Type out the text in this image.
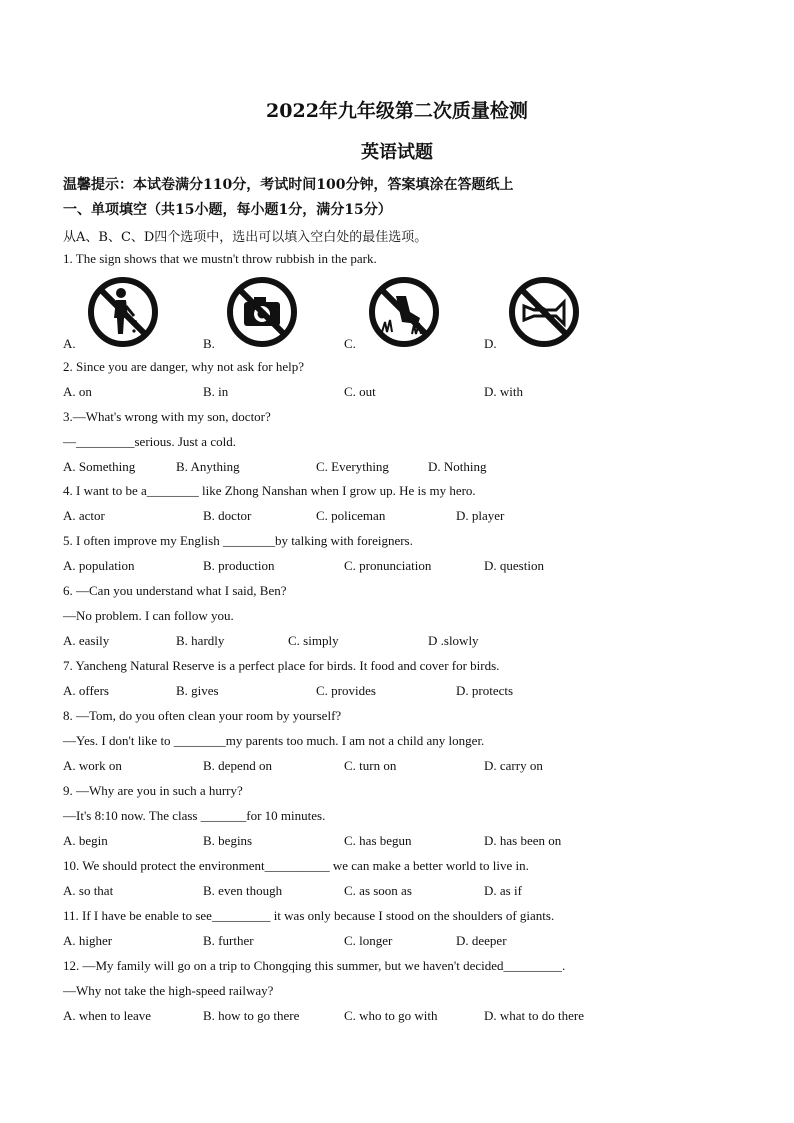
2022年九年级第二次质量检测
英语试题
温馨提示：本试卷满分110分，考试时间100分钟，答案填涂在答题纸上
一、单项填空（共15小题，每小题1分，满分15分）
从A、B、C、D四个选项中，选出可以填入空白处的最佳选项。
1. The sign shows that we mustn't throw rubbish in the park.
A.	B.	C.	D.
2. Since you are danger, why not ask for help?
A. on	B. in	C. out	D. with
3.—What's wrong with my son, doctor?
—_________serious. Just a cold.
A. Something	B. Anything	C. Everything	D. Nothing
4. I want to be a________ like Zhong Nanshan when I grow up. He is my hero.
A. actor	B. doctor	C. policeman	D. player
5. I often improve my English ________by talking with foreigners.
A. population	B. production	C. pronunciation	D. question
6. —Can you understand what I said, Ben?
—No problem. I can follow you.
A. easily	B. hardly	C. simply	D .slowly
7. Yancheng Natural Reserve is a perfect place for birds. It food and cover for birds.
A. offers	B. gives	C. provides	D. protects
8. —Tom, do you often clean your room by yourself?
—Yes. I don't like to ________my parents too much. I am not a child any longer.
A. work on	B. depend on	C. turn on	D. carry on
9. —Why are you in such a hurry?
—It's 8:10 now. The class _______for 10 minutes.
A. begin	B. begins	C. has begun	D. has been on
10. We should protect the environment__________ we can make a better world to live in.
A. so that	B. even though	C. as soon as	D. as if
11. If I have be enable to see_________ it was only because I stood on the shoulders of giants.
A. higher	B. further	C. longer	D. deeper
12. —My family will go on a trip to Chongqing this summer, but we haven't decided_________.
—Why not take the high-speed railway?
A. when to leave	B. how to go there	C. who to go with	D. what to do there
